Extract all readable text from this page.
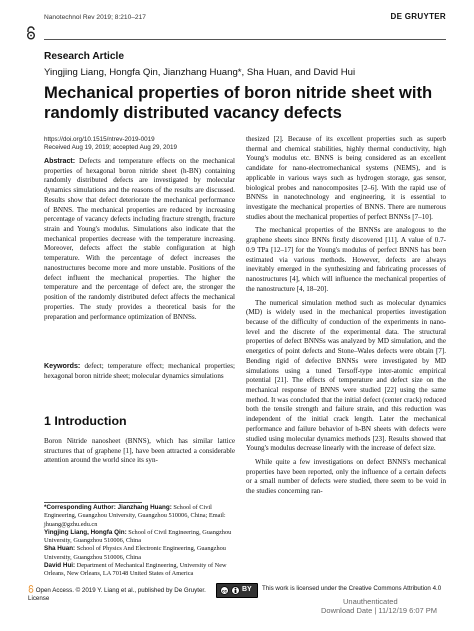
Nanotechnol Rev 2019; 8:210–217	DE GRUYTER
Research Article
Yingjing Liang, Hongfa Qin, Jianzhang Huang*, Sha Huan, and David Hui
Mechanical properties of boron nitride sheet with randomly distributed vacancy defects
https://doi.org/10.1515/ntrev-2019-0019
Received Aug 19, 2019; accepted Aug 29, 2019

Abstract: Defects and temperature effects on the mechanical properties of hexagonal boron nitride sheet (h-BN) containing randomly distributed defects are investigated by molecular dynamics simulations and the reasons of the results are discussed. Results show that defect deteriorate the mechanical performance of BNNS. The mechanical properties are reduced by increasing percentage of vacancy defects including fracture strength, fracture strain and Young's modulus. Simulations also indicate that the mechanical properties decrease with the temperature increasing. Moreover, defects affect the stable configuration at high temperature. With the percentage of defect increases the nanostructures become more and more unstable. Positions of the defect influent the mechanical properties. The higher the temperature and the percentage of defect are, the stronger the position of the randomly distributed defect affects the mechanical properties. The study provides a theoretical basis for the preparation and performance optimization of BNNSs.

Keywords: defect; temperature effect; mechanical properties; hexagonal boron nitride sheet; molecular dynamics simulations

1 Introduction
Boron Nitride nanosheet (BNNS), which has similar lattice structures that of graphene [1], have been attracted a considerable attention around the world since its syn-

*Corresponding Author: Jianzhang Huang: School of Civil Engineering, Guangzhou University, Guangzhou 510006, China; Email: jhuang@gzhu.edu.cn

Yingjing Liang, Hongfa Qin: School of Civil Engineering, Guangzhou University, Guangzhou 510006, China

Sha Huan: School of Physics And Electronic Engineering, Guangzhou University, Guangzhou 510006, China

David Hui: Department of Mechanical Engineering, University of New Orleans, New Orleans, LA 70148 United States of America

thesized [2]. Because of its excellent properties such as superb thermal and chemical stabilities, highly thermal conductivity, high Young's modulus etc. BNNS is being considered as an excellent candidate for nano-electromechanical systems (NEMS), and is applicable in various ways such as hydrogen storage, gas sensor, biological probes and nanocomposites [2–6]. With the rapid use of BNNSs in nanotechnology and engineering, it is essential to investigate the mechanical properties of BNNS. There are numerous studies about the mechanical properties of perfect BNNSs [7–10].

The mechanical properties of the BNNSs are analogous to the graphene sheets since BNNs firstly discovered [11]. A value of 0.7-0.9 TPa [12–17] for the Young's modulus of perfect BNNS has been estimated via various methods. However, defects are always inevitably emerged in the synthesizing and fabricating processes of nanostructures [4], which will influence the mechanical properties of the nanostructure [4, 18–20].

The numerical simulation method such as molecular dynamics (MD) is widely used in the mechanical properties investigation because of the difficulty of conduction of the experiments in nano-level and the discrete of the experimental data. The structural properties of defect BNNSs was analyzed by MD simulation, and the energetics of point defects and Stone–Wales defects were obtain [7]. Bending rigid of defective BNNSs were investigated by MD simulations using a tuned Tersoff-type inter-atomic empirical potential [21]. The effects of temperature and defect size on the mechanical response of BNNS were studied [22] using the same method. It was concluded that the initial defect (center crack) reduced both the tensile strength and failure strain, and this reduction was independent of the initial crack length. Later the mechanical performance and failure behavior of h-BN sheets with defects were studied using molecular dynamics methods [23]. Results showed that Young's modulus decrease linearly with the increase of defect size.

While quite a few investigations on defect BNNS's mechanical properties have been reported, only the influence of a certain defects or a small number of defects were studied, there seem to be void in the studies concerning ran-

Open Access. © 2019 Y. Liang et al., published by De Gruyter.
License
cc BY This work is licensed under the Creative Commons Attribution 4.0
Unauthenticated
Download Date | 11/12/19 6:07 PM
